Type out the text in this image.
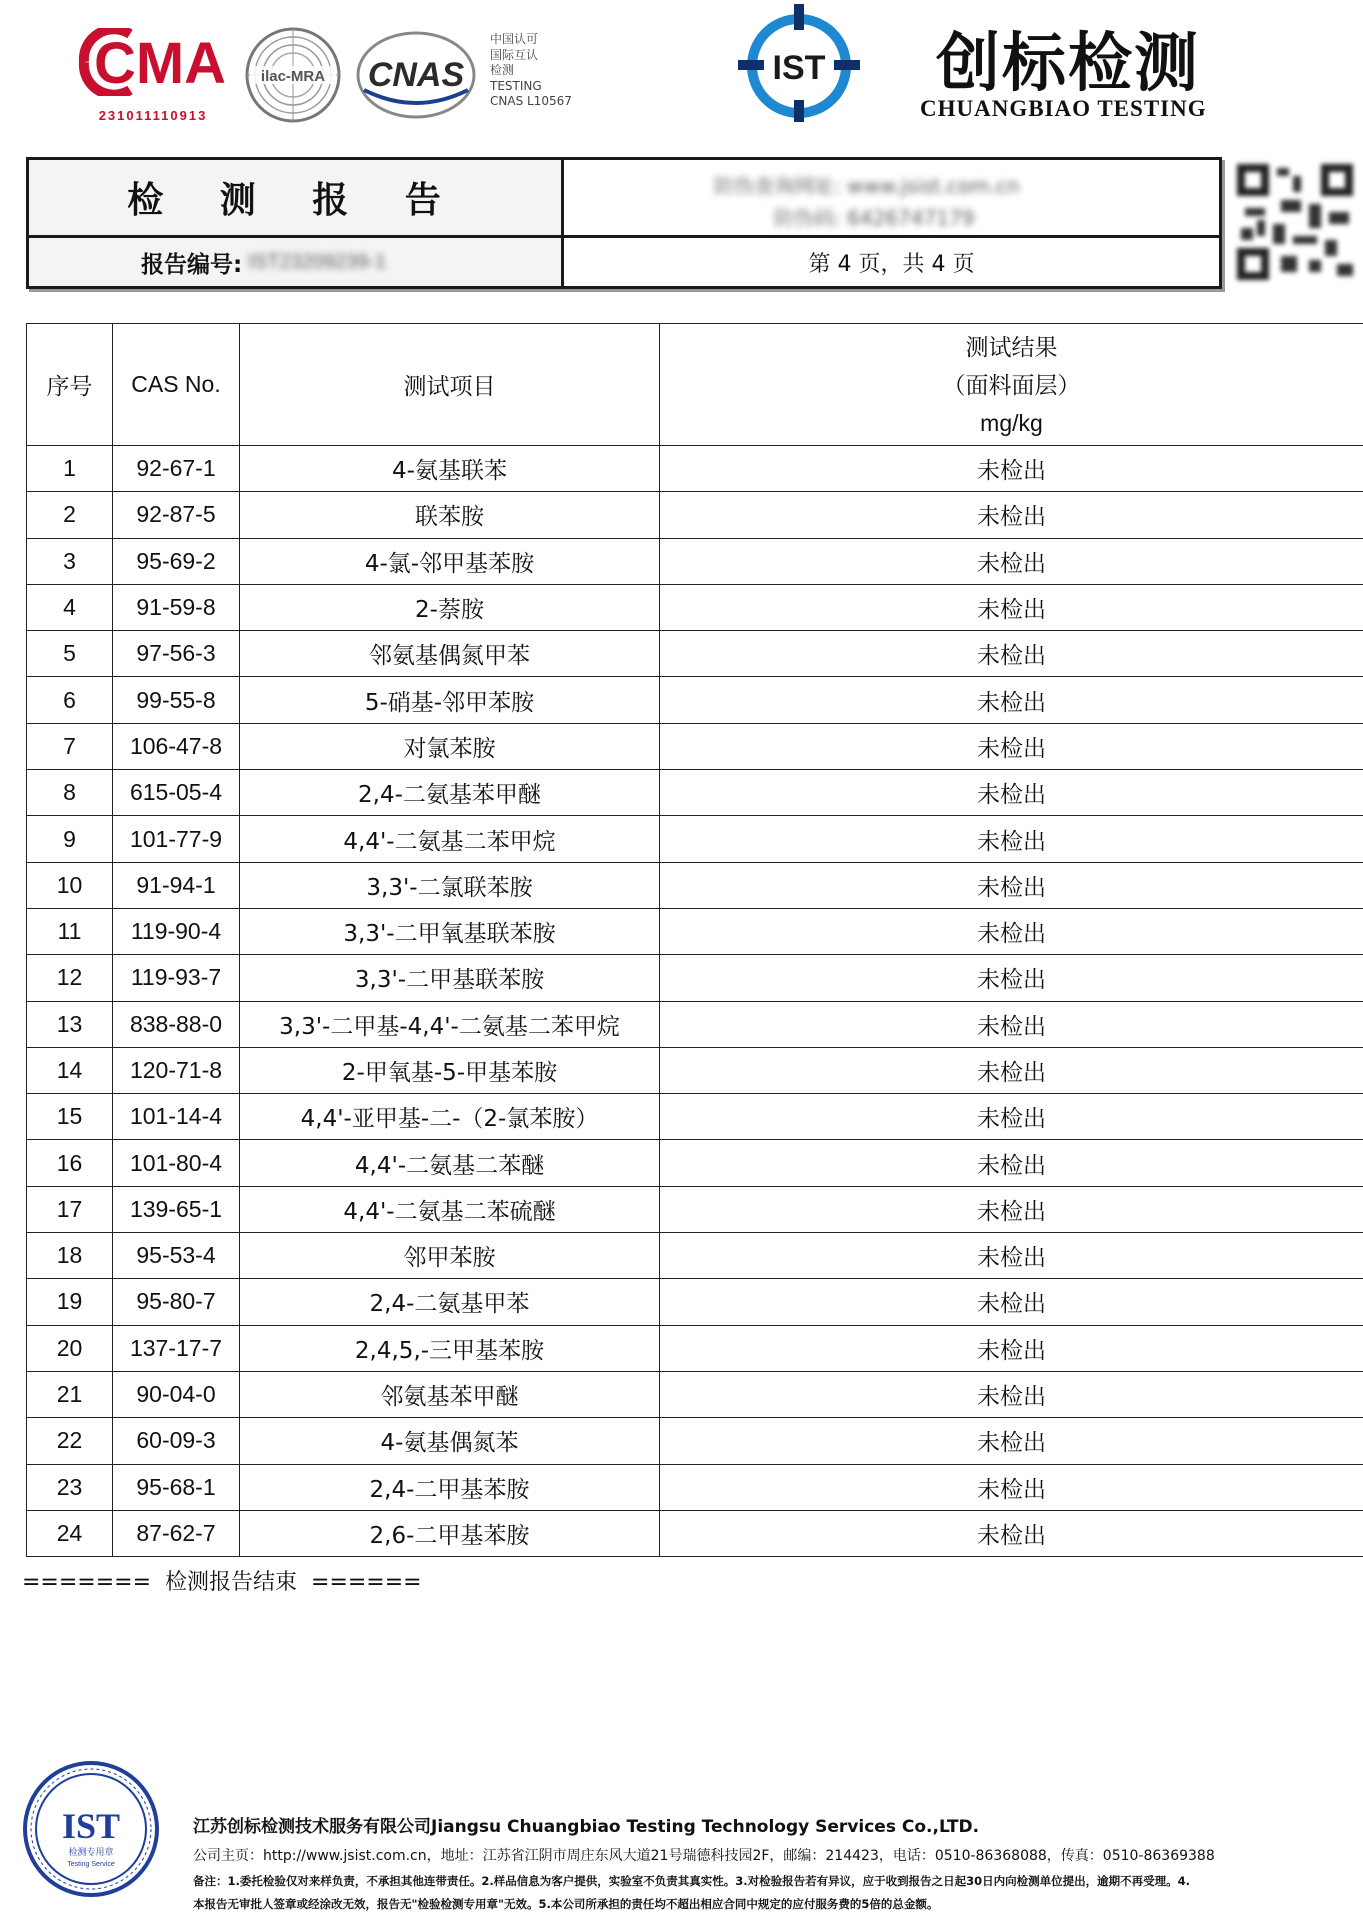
CMA
231011110913
ilac-MRA CNAS
中国认可
国际互认
检测
TESTING
CNAS L10567
IST 创标检测
CHUANGBIAO TESTING
检 测 报 告
报告编号: IST23209239-1
防伪查询网址: www.jsist.com.cn
防伪码: 6426747179
第 4 页，共 4 页
序号	CAS No.	测试项目	测试结果
（面料面层）
mg/kg

1	92-67-1	4-氨基联苯	未检出
2	92-87-5	联苯胺	未检出
3	95-69-2	4-氯-邻甲基苯胺	未检出
4	91-59-8	2-萘胺	未检出
5	97-56-3	邻氨基偶氮甲苯	未检出
6	99-55-8	5-硝基-邻甲苯胺	未检出
7	106-47-8	对氯苯胺	未检出
8	615-05-4	2,4-二氨基苯甲醚	未检出
9	101-77-9	4,4'-二氨基二苯甲烷	未检出
10	91-94-1	3,3'-二氯联苯胺	未检出
11	119-90-4	3,3'-二甲氧基联苯胺	未检出
12	119-93-7	3,3'-二甲基联苯胺	未检出
13	838-88-0	3,3'-二甲基-4,4'-二氨基二苯甲烷	未检出
14	120-71-8	2-甲氧基-5-甲基苯胺	未检出
15	101-14-4	4,4'-亚甲基-二-（2-氯苯胺）	未检出
16	101-80-4	4,4'-二氨基二苯醚	未检出
17	139-65-1	4,4'-二氨基二苯硫醚	未检出
18	95-53-4	邻甲苯胺	未检出
19	95-80-7	2,4-二氨基甲苯	未检出
20	137-17-7	2,4,5,-三甲基苯胺	未检出
21	90-04-0	邻氨基苯甲醚	未检出
22	60-09-3	4-氨基偶氮苯	未检出
23	95-68-1	2,4-二甲基苯胺	未检出
24	87-62-7	2,6-二甲基苯胺	未检出
=======  检测报告结束  ======
IST
检测专用章
Testing Service
江苏创标检测技术服务有限公司Jiangsu Chuangbiao Testing Technology Services Co.,LTD.
公司主页：http://www.jsist.com.cn，地址：江苏省江阴市周庄东风大道21号瑞德科技园2F，邮编：214423，电话：0510-86368088，传真：0510-86369388
备注：1.委托检验仅对来样负责，不承担其他连带责任。2.样品信息为客户提供，实验室不负责其真实性。3.对检验报告若有异议，应于收到报告之日起30日内向检测单位提出，逾期不再受理。4.
本报告无审批人签章或经涂改无效，报告无"检验检测专用章"无效。5.本公司所承担的责任均不超出相应合同中规定的应付服务费的5倍的总金额。
